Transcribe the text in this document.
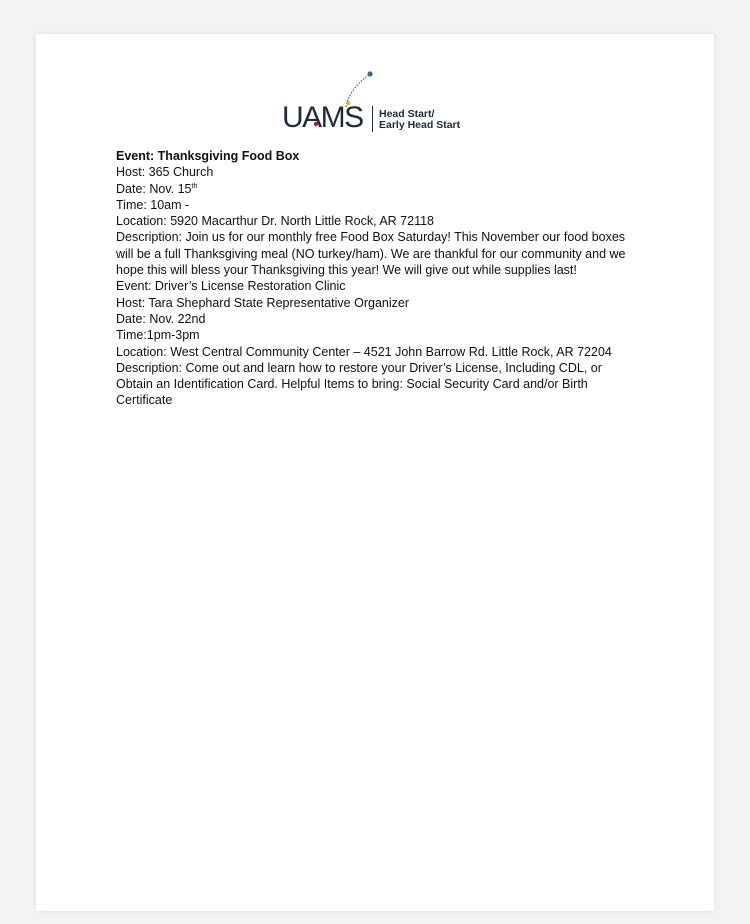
UAMS Head Start/
Early Head Start

Event: Thanksgiving Food Box

Host: 365 Church

Date: Nov. 15th

Time: 10am -

Location: 5920 Macarthur Dr. North Little Rock, AR 72118

Description: Join us for our monthly free Food Box Saturday! This November our food boxes will be a full Thanksgiving meal (NO turkey/ham). We are thankful for our community and we hope this will bless your Thanksgiving this year! We will give out while supplies last!

Event: Driver’s License Restoration Clinic

Host: Tara Shephard State Representative Organizer

Date: Nov. 22nd

Time:1pm-3pm

Location: West Central Community Center – 4521 John Barrow Rd. Little Rock, AR 72204

Description: Come out and learn how to restore your Driver’s License, Including CDL, or Obtain an Identification Card. Helpful Items to bring: Social Security Card and/or Birth Certificate
